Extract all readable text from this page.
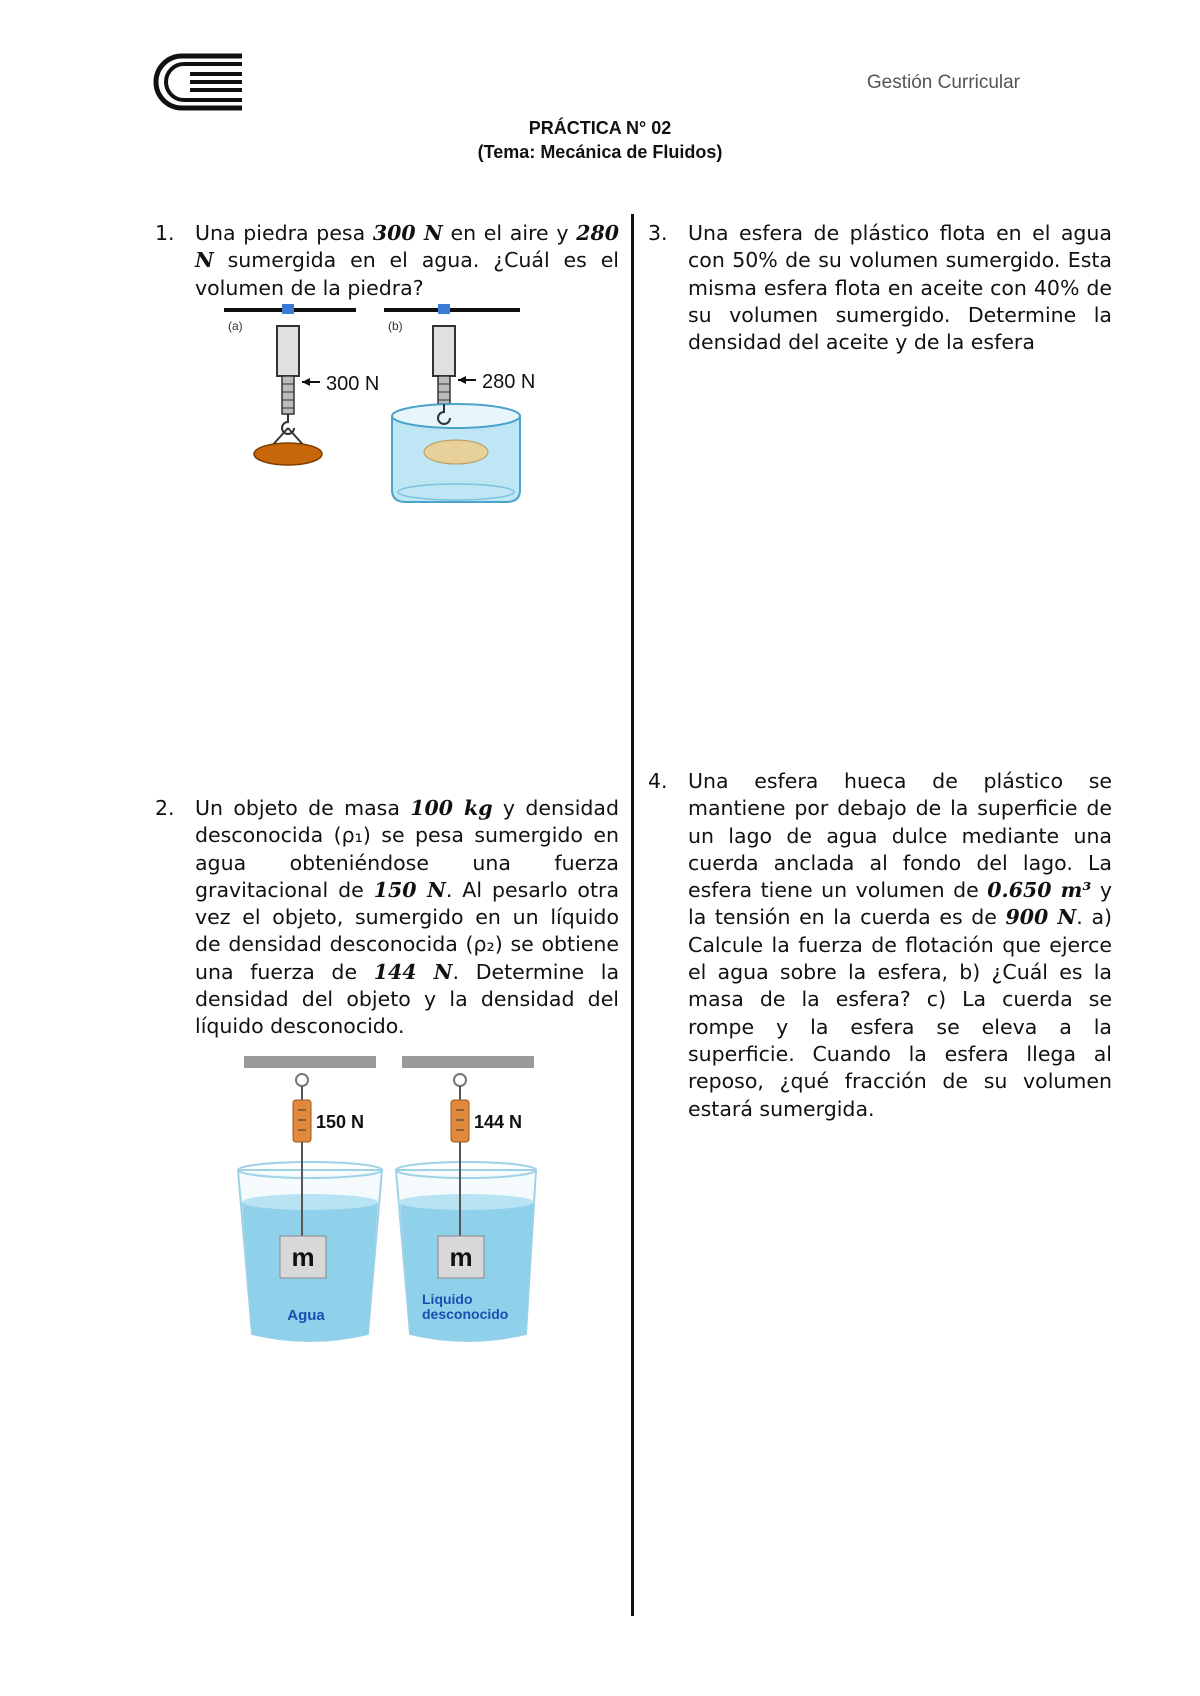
Gestión Curricular
PRÁCTICA N° 02
(Tema: Mecánica de Fluidos)
1. Una piedra pesa 300 N en el aire y 280 N sumergida en el agua. ¿Cuál es el volumen de la piedra?
(a)
300 N
(b)
280 N
3. Una esfera de plástico flota en el agua con 50% de su volumen sumergido. Esta misma esfera flota en aceite con 40% de su volumen sumergido. Determine la densidad del aceite y de la esfera
2. Un objeto de masa 100 kg y densidad desconocida (ρ₁) se pesa sumergido en agua obteniéndose una fuerza gravitacional de 150 N. Al pesarlo otra vez el objeto, sumergido en un líquido de densidad desconocida (ρ₂) se obtiene una fuerza de 144 N. Determine la densidad del objeto y la densidad del líquido desconocido.
150 N
m
Agua
144 N
m
Liquido
desconocido
4. Una esfera hueca de plástico se mantiene por debajo de la superficie de un lago de agua dulce mediante una cuerda anclada al fondo del lago. La esfera tiene un volumen de 0.650 m³ y la tensión en la cuerda es de 900 N. a) Calcule la fuerza de flotación que ejerce el agua sobre la esfera, b) ¿Cuál es la masa de la esfera? c) La cuerda se rompe y la esfera se eleva a la superficie. Cuando la esfera llega al reposo, ¿qué fracción de su volumen estará sumergida.
